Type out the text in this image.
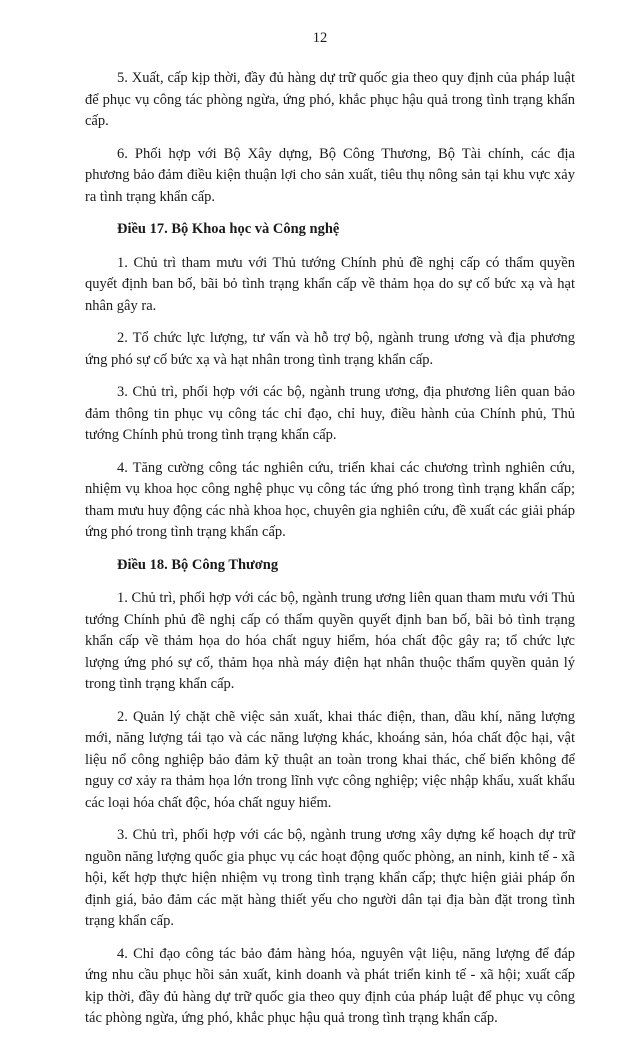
12

5. Xuất, cấp kịp thời, đầy đủ hàng dự trữ quốc gia theo quy định của pháp luật để phục vụ công tác phòng ngừa, ứng phó, khắc phục hậu quả trong tình trạng khẩn cấp.

6. Phối hợp với Bộ Xây dựng, Bộ Công Thương, Bộ Tài chính, các địa phương bảo đảm điều kiện thuận lợi cho sản xuất, tiêu thụ nông sản tại khu vực xảy ra tình trạng khẩn cấp.

Điều 17. Bộ Khoa học và Công nghệ

1. Chủ trì tham mưu với Thủ tướng Chính phủ đề nghị cấp có thẩm quyền quyết định ban bố, bãi bỏ tình trạng khẩn cấp về thảm họa do sự cố bức xạ và hạt nhân gây ra.

2. Tổ chức lực lượng, tư vấn và hỗ trợ bộ, ngành trung ương và địa phương ứng phó sự cố bức xạ và hạt nhân trong tình trạng khẩn cấp.

3. Chủ trì, phối hợp với các bộ, ngành trung ương, địa phương liên quan bảo đảm thông tin phục vụ công tác chỉ đạo, chỉ huy, điều hành của Chính phủ, Thủ tướng Chính phủ trong tình trạng khẩn cấp.

4. Tăng cường công tác nghiên cứu, triển khai các chương trình nghiên cứu, nhiệm vụ khoa học công nghệ phục vụ công tác ứng phó trong tình trạng khẩn cấp; tham mưu huy động các nhà khoa học, chuyên gia nghiên cứu, đề xuất các giải pháp ứng phó trong tình trạng khẩn cấp.

Điều 18. Bộ Công Thương

1. Chủ trì, phối hợp với các bộ, ngành trung ương liên quan tham mưu với Thủ tướng Chính phủ đề nghị cấp có thẩm quyền quyết định ban bố, bãi bỏ tình trạng khẩn cấp về thảm họa do hóa chất nguy hiểm, hóa chất độc gây ra; tổ chức lực lượng ứng phó sự cố, thảm họa nhà máy điện hạt nhân thuộc thẩm quyền quản lý trong tình trạng khẩn cấp.

2. Quản lý chặt chẽ việc sản xuất, khai thác điện, than, dầu khí, năng lượng mới, năng lượng tái tạo và các năng lượng khác, khoáng sản, hóa chất độc hại, vật liệu nổ công nghiệp bảo đảm kỹ thuật an toàn trong khai thác, chế biến không để nguy cơ xảy ra thảm họa lớn trong lĩnh vực công nghiệp; việc nhập khẩu, xuất khẩu các loại hóa chất độc, hóa chất nguy hiểm.

3. Chủ trì, phối hợp với các bộ, ngành trung ương xây dựng kế hoạch dự trữ nguồn năng lượng quốc gia phục vụ các hoạt động quốc phòng, an ninh, kinh tế - xã hội, kết hợp thực hiện nhiệm vụ trong tình trạng khẩn cấp; thực hiện giải pháp ổn định giá, bảo đảm các mặt hàng thiết yếu cho người dân tại địa bàn đặt trong tình trạng khẩn cấp.

4. Chỉ đạo công tác bảo đảm hàng hóa, nguyên vật liệu, năng lượng để đáp ứng nhu cầu phục hồi sản xuất, kinh doanh và phát triển kinh tế - xã hội; xuất cấp kịp thời, đầy đủ hàng dự trữ quốc gia theo quy định của pháp luật để phục vụ công tác phòng ngừa, ứng phó, khắc phục hậu quả trong tình trạng khẩn cấp.
